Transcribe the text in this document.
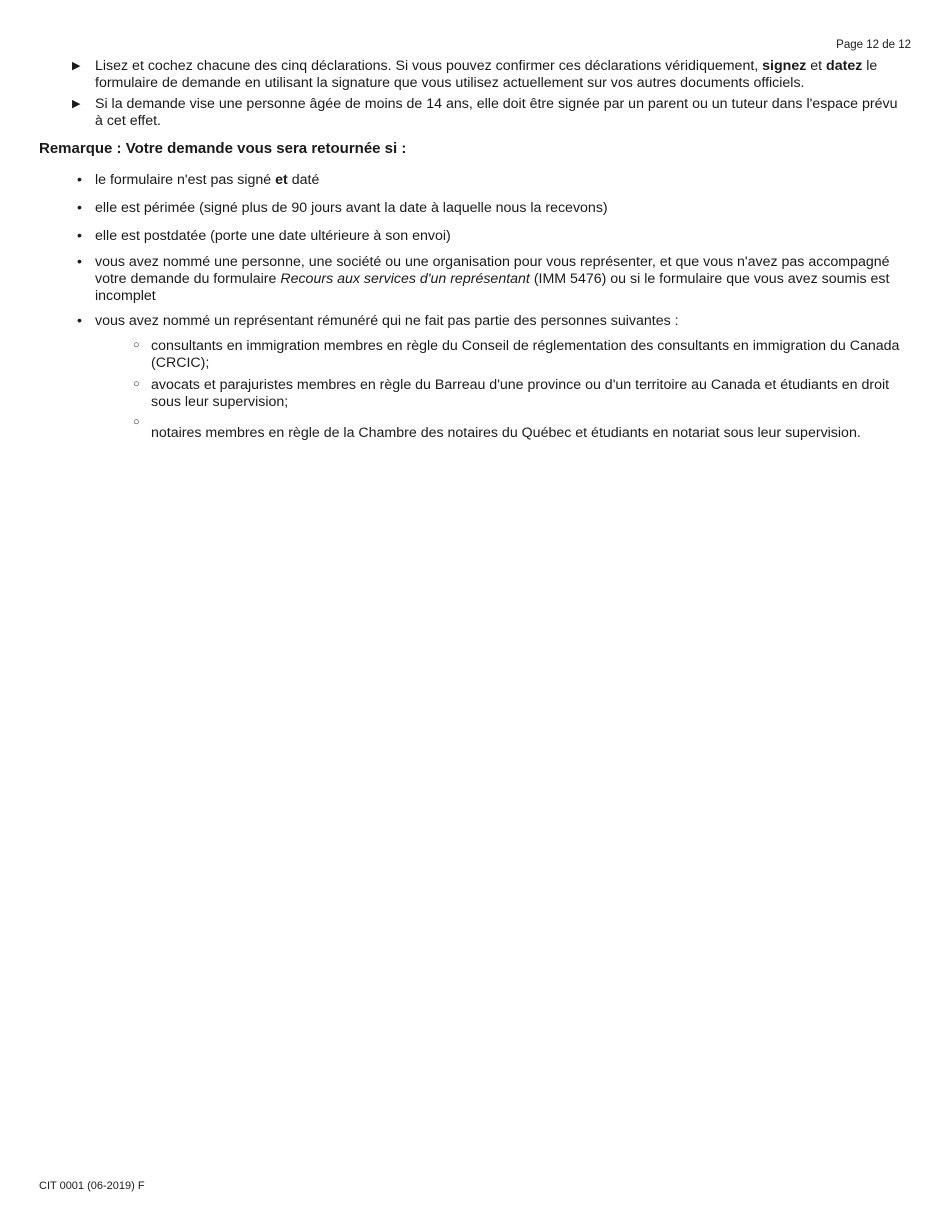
Page 12 de 12
▶ Lisez et cochez chacune des cinq déclarations. Si vous pouvez confirmer ces déclarations véridiquement, signez et datez le formulaire de demande en utilisant la signature que vous utilisez actuellement sur vos autres documents officiels.
▶ Si la demande vise une personne âgée de moins de 14 ans, elle doit être signée par un parent ou un tuteur dans l'espace prévu à cet effet.
Remarque : Votre demande vous sera retournée si :
• le formulaire n'est pas signé et daté
• elle est périmée (signé plus de 90 jours avant la date à laquelle nous la recevons)
• elle est postdatée (porte une date ultérieure à son envoi)
• vous avez nommé une personne, une société ou une organisation pour vous représenter, et que vous n'avez pas accompagné votre demande du formulaire Recours aux services d'un représentant (IMM 5476) ou si le formulaire que vous avez soumis est incomplet
• vous avez nommé un représentant rémunéré qui ne fait pas partie des personnes suivantes :
○ consultants en immigration membres en règle du Conseil de réglementation des consultants en immigration du Canada (CRCIC);
○ avocats et parajuristes membres en règle du Barreau d'une province ou d'un territoire au Canada et étudiants en droit sous leur supervision;
○
notaires membres en règle de la Chambre des notaires du Québec et étudiants en notariat sous leur supervision.
CIT 0001 (06-2019) F
